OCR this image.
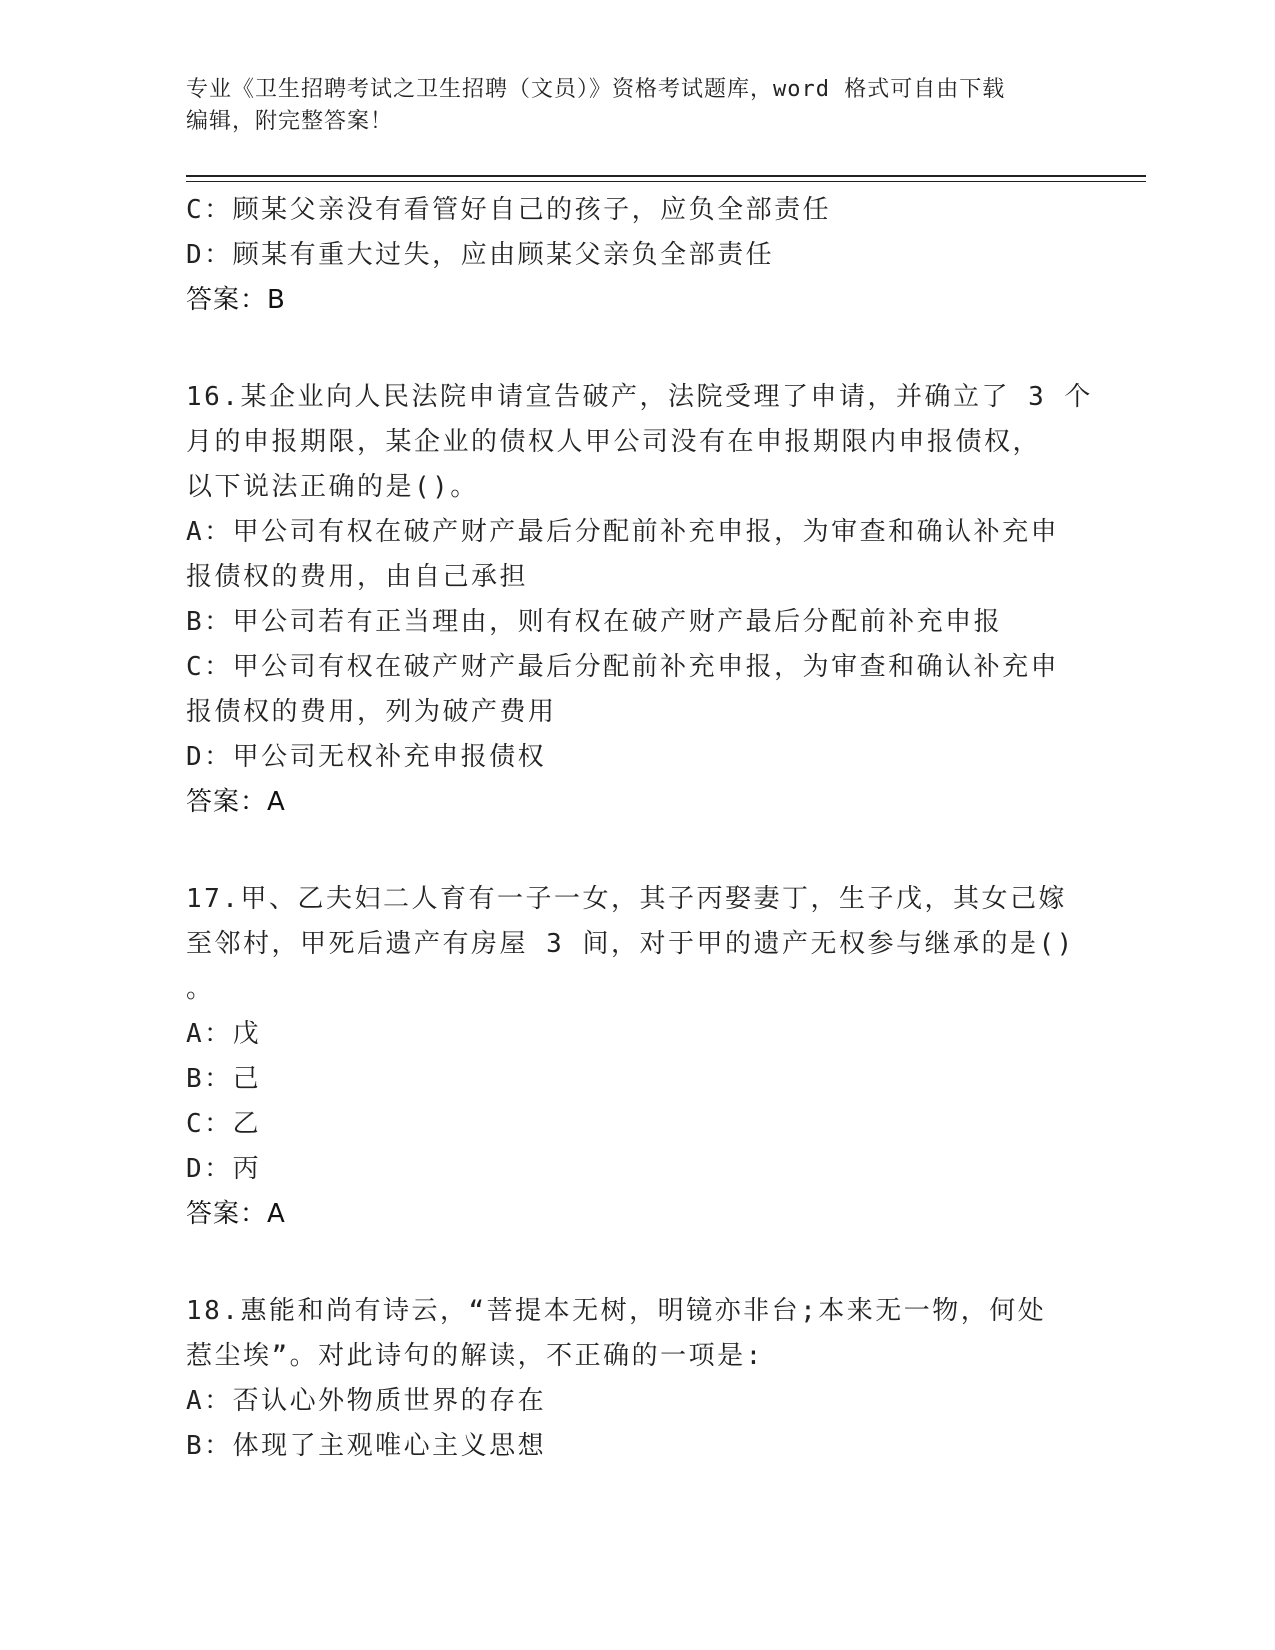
专业《卫生招聘考试之卫生招聘（文员）》资格考试题库，word 格式可自由下载
编辑，附完整答案！
C：顾某父亲没有看管好自己的孩子，应负全部责任
D：顾某有重大过失，应由顾某父亲负全部责任
答案：B
16.某企业向人民法院申请宣告破产，法院受理了申请，并确立了 3 个
月的申报期限，某企业的债权人甲公司没有在申报期限内申报债权，
以下说法正确的是()。
A：甲公司有权在破产财产最后分配前补充申报，为审查和确认补充申
报债权的费用，由自己承担
B：甲公司若有正当理由，则有权在破产财产最后分配前补充申报
C：甲公司有权在破产财产最后分配前补充申报，为审查和确认补充申
报债权的费用，列为破产费用
D：甲公司无权补充申报债权
答案：A
17.甲、乙夫妇二人育有一子一女，其子丙娶妻丁，生子戊，其女己嫁
至邻村，甲死后遗产有房屋 3 间，对于甲的遗产无权参与继承的是()
。
A：戊
B：己
C：乙
D：丙
答案：A
18.惠能和尚有诗云，“菩提本无树，明镜亦非台;本来无一物，何处
惹尘埃”。对此诗句的解读，不正确的一项是:
A：否认心外物质世界的存在
B：体现了主观唯心主义思想
